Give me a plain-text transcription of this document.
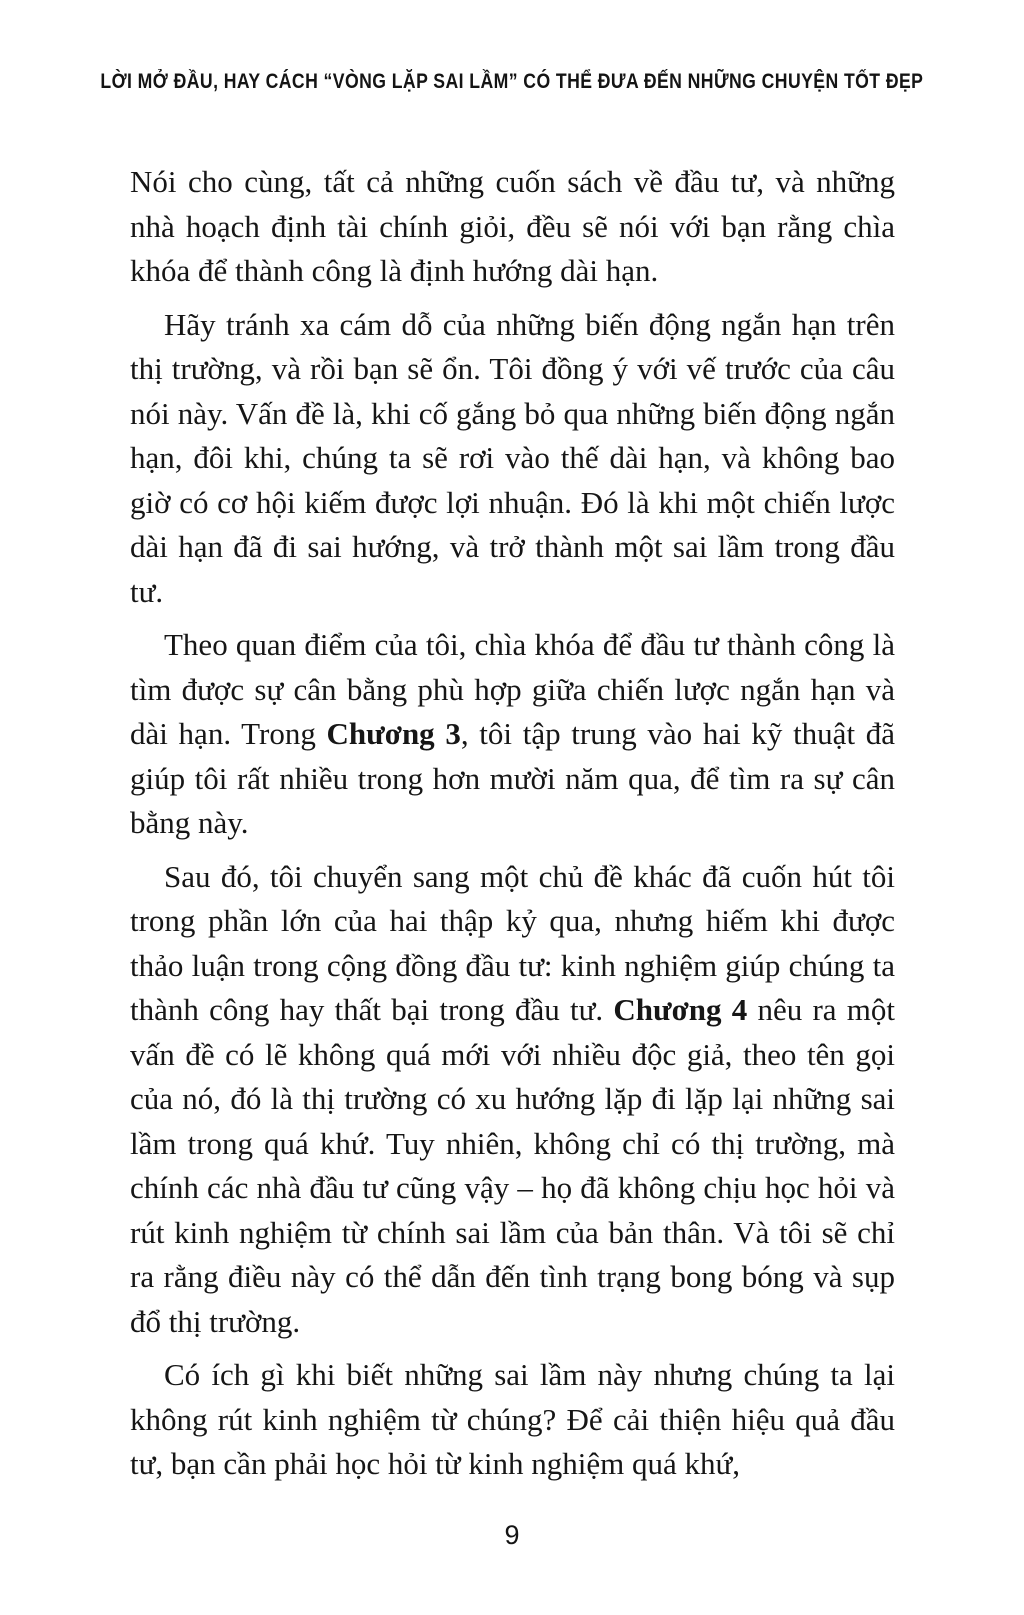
LỜI MỞ ĐẦU, HAY CÁCH “VÒNG LẶP SAI LẦM” CÓ THỂ ĐƯA ĐẾN NHỮNG CHUYỆN TỐT ĐẸP

Nói cho cùng, tất cả những cuốn sách về đầu tư, và những nhà hoạch định tài chính giỏi, đều sẽ nói với bạn rằng chìa khóa để thành công là định hướng dài hạn.

Hãy tránh xa cám dỗ của những biến động ngắn hạn trên thị trường, và rồi bạn sẽ ổn. Tôi đồng ý với vế trước của câu nói này. Vấn đề là, khi cố gắng bỏ qua những biến động ngắn hạn, đôi khi, chúng ta sẽ rơi vào thế dài hạn, và không bao giờ có cơ hội kiếm được lợi nhuận. Đó là khi một chiến lược dài hạn đã đi sai hướng, và trở thành một sai lầm trong đầu tư.

Theo quan điểm của tôi, chìa khóa để đầu tư thành công là tìm được sự cân bằng phù hợp giữa chiến lược ngắn hạn và dài hạn. Trong Chương 3, tôi tập trung vào hai kỹ thuật đã giúp tôi rất nhiều trong hơn mười năm qua, để tìm ra sự cân bằng này.

Sau đó, tôi chuyển sang một chủ đề khác đã cuốn hút tôi trong phần lớn của hai thập kỷ qua, nhưng hiếm khi được thảo luận trong cộng đồng đầu tư: kinh nghiệm giúp chúng ta thành công hay thất bại trong đầu tư. Chương 4 nêu ra một vấn đề có lẽ không quá mới với nhiều độc giả, theo tên gọi của nó, đó là thị trường có xu hướng lặp đi lặp lại những sai lầm trong quá khứ. Tuy nhiên, không chỉ có thị trường, mà chính các nhà đầu tư cũng vậy – họ đã không chịu học hỏi và rút kinh nghiệm từ chính sai lầm của bản thân. Và tôi sẽ chỉ ra rằng điều này có thể dẫn đến tình trạng bong bóng và sụp đổ thị trường.

Có ích gì khi biết những sai lầm này nhưng chúng ta lại không rút kinh nghiệm từ chúng? Để cải thiện hiệu quả đầu tư, bạn cần phải học hỏi từ kinh nghiệm quá khứ,

9
